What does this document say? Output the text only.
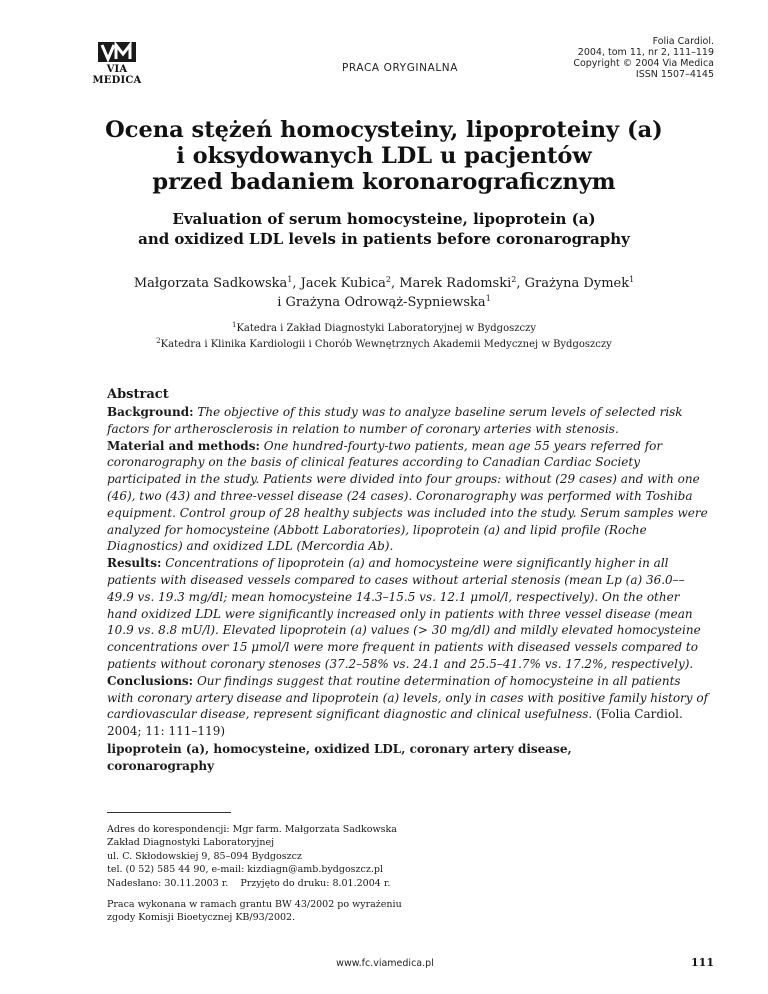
VIA MEDICA
PRACA ORYGINALNA
Folia Cardiol.
2004, tom 11, nr 2, 111–119
Copyright © 2004 Via Medica
ISSN 1507–4145
Ocena stężeń homocysteiny, lipoproteiny (a)
i oksydowanych LDL u pacjentów
przed badaniem koronarograficznym
Evaluation of serum homocysteine, lipoprotein (a)
and oxidized LDL levels in patients before coronarography
Małgorzata Sadkowska$^1$, Jacek Kubica$^2$, Marek Radomski$^2$, Grażyna Dymek$^1$
i Grażyna Odrowąż-Sypniewska$^1$
$^1$Katedra i Zakład Diagnostyki Laboratoryjnej w Bydgoszczy
$^2$Katedra i Klinika Kardiologii i Chorób Wewnętrznych Akademii Medycznej w Bydgoszczy

Abstract

Background: The objective of this study was to analyze baseline serum levels of selected risk factors for artherosclerosis in relation to number of coronary arteries with stenosis.

Material and methods: One hundred-fourty-two patients, mean age 55 years referred for coronarography on the basis of clinical features according to Canadian Cardiac Society participated in the study. Patients were divided into four groups: without (29 cases) and with one (46), two (43) and three-vessel disease (24 cases). Coronarography was performed with Toshiba equipment. Control group of 28 healthy subjects was included into the study. Serum samples were analyzed for homocysteine (Abbott Laboratories), lipoprotein (a) and lipid profile (Roche Diagnostics) and oxidized LDL (Mercordia Ab).

Results: Concentrations of lipoprotein (a) and homocysteine were significantly higher in all patients with diseased vessels compared to cases without arterial stenosis (mean Lp (a) 36.0––49.9 vs. 19.3 mg/dl; mean homocysteine 14.3–15.5 vs. 12.1 μmol/l, respectively). On the other hand oxidized LDL were significantly increased only in patients with three vessel disease (mean 10.9 vs. 8.8 mU/l). Elevated lipoprotein (a) values (> 30 mg/dl) and mildly elevated homocysteine concentrations over 15 μmol/l were more frequent in patients with diseased vessels compared to patients without coronary stenoses (37.2–58% vs. 24.1 and 25.5–41.7% vs. 17.2%, respectively).

Conclusions: Our findings suggest that routine determination of homocysteine in all patients with coronary artery disease and lipoprotein (a) levels, only in cases with positive family history of cardiovascular disease, represent significant diagnostic and clinical usefulness. (Folia Cardiol. 2004; 11: 111–119)

lipoprotein (a), homocysteine, oxidized LDL, coronary artery disease,
coronarography

Adres do korespondencji: Mgr farm. Małgorzata Sadkowska
Zakład Diagnostyki Laboratoryjnej
ul. C. Skłodowskiej 9, 85–094 Bydgoszcz
tel. (0 52) 585 44 90, e-mail: kizdiagn@amb.bydgoszcz.pl
Nadesłano: 30.11.2003 r.    Przyjęto do druku: 8.01.2004 r.
Praca wykonana w ramach grantu BW 43/2002 po wyrażeniu
zgody Komisji Bioetycznej KB/93/2002.
www.fc.viamedica.pl	111
